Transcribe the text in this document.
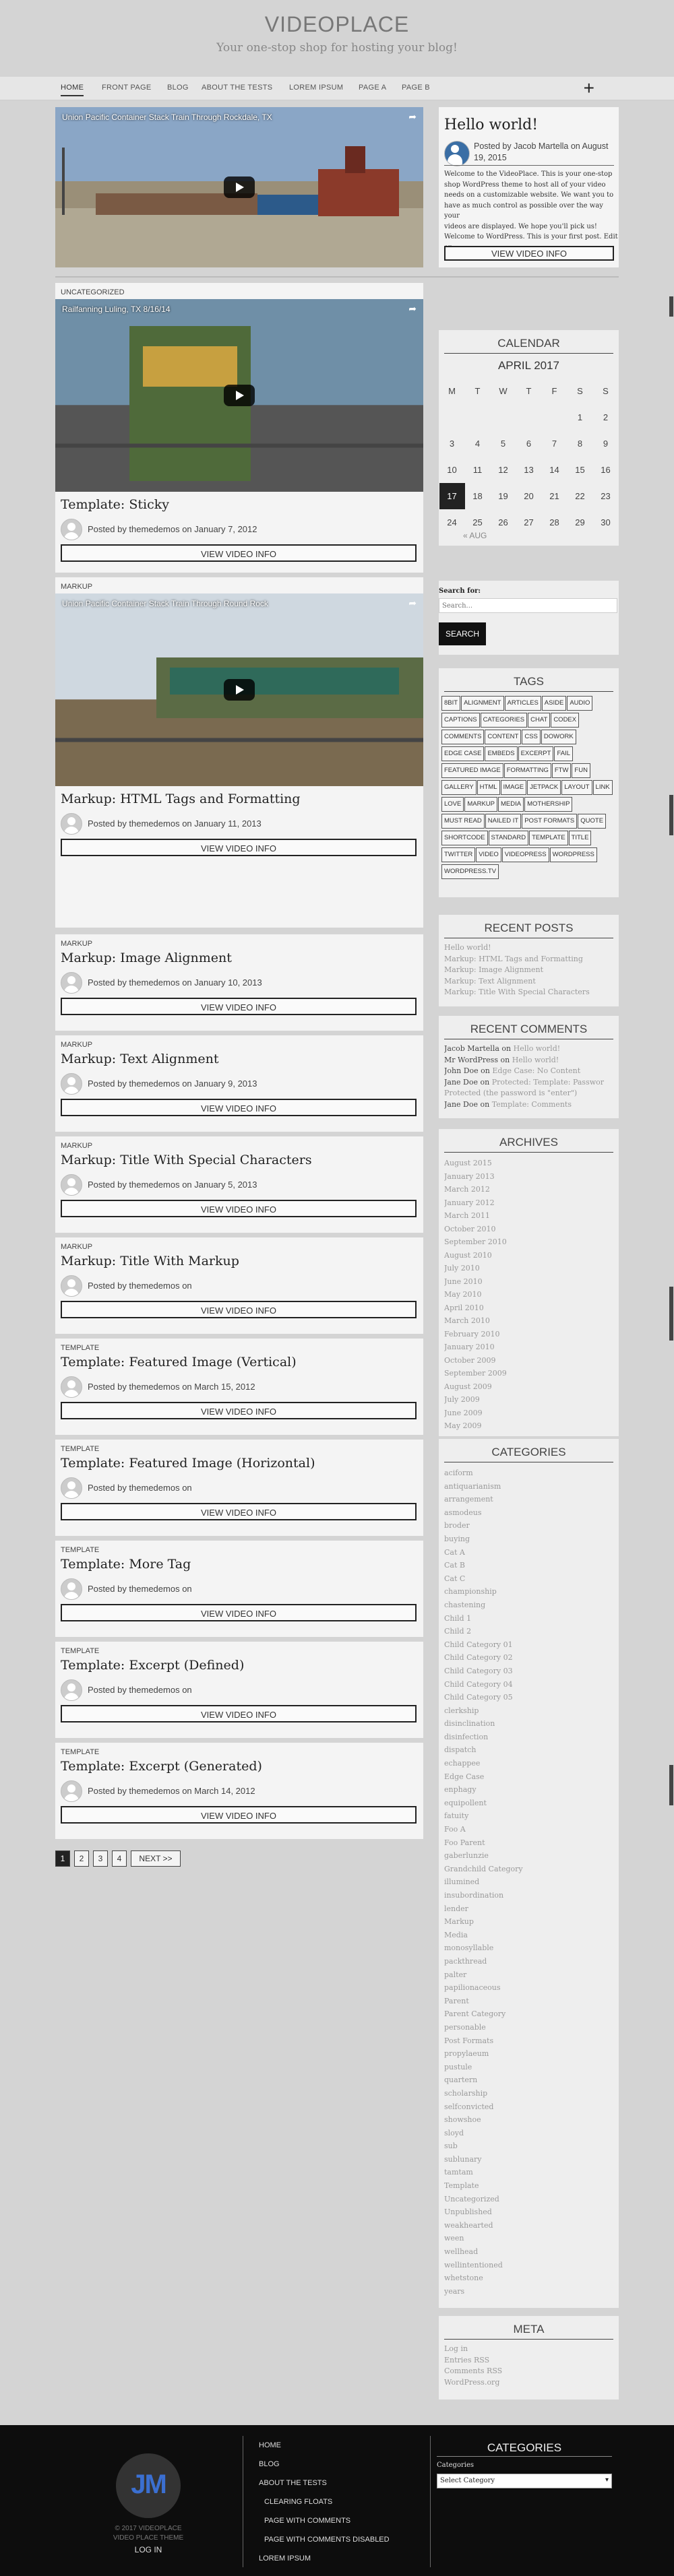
VIDEOPLACE
Your one-stop shop for hosting your blog!
HOME FRONT PAGE BLOG ABOUT THE TESTS LOREM IPSUM PAGE A PAGE B	+
Union Pacific Container Stack Train Through Rockdale, TX	➦ Hello world!
Posted by Jacob Martella on August 19, 2015
Welcome to the VideoPlace. This is your one-stop
shop WordPress theme to host all of your video
needs on a customizable website. We want you to
have as much control as possible over the way your
videos are displayed. We hope you'll pick us!
Welcome to WordPress. This is your first post. Edit
VIEW VIDEO INFO
UNCATEGORIZED
Railfanning Luling, TX 8/16/14	➦
Template: Sticky
Posted by themedemos on January 7, 2012
VIEW VIDEO INFO
MARKUP
Union Pacific Container Stack Train Through Round Rock	➦
Markup: HTML Tags and Formatting
Posted by themedemos on January 11, 2013
VIEW VIDEO INFO
MARKUP
Markup: Image Alignment
Posted by themedemos on January 10, 2013
VIEW VIDEO INFO
MARKUP
Markup: Text Alignment
Posted by themedemos on January 9, 2013
VIEW VIDEO INFO
MARKUP
Markup: Title With Special Characters
Posted by themedemos on January 5, 2013
VIEW VIDEO INFO
MARKUP
Markup: Title With Markup
Posted by themedemos on
VIEW VIDEO INFO
TEMPLATE
Template: Featured Image (Vertical)
Posted by themedemos on March 15, 2012
VIEW VIDEO INFO
TEMPLATE
Template: Featured Image (Horizontal)
Posted by themedemos on
VIEW VIDEO INFO
TEMPLATE
Template: More Tag
Posted by themedemos on
VIEW VIDEO INFO
TEMPLATE
Template: Excerpt (Defined)
Posted by themedemos on
VIEW VIDEO INFO
TEMPLATE
Template: Excerpt (Generated)
Posted by themedemos on March 14, 2012
VIEW VIDEO INFO
1	2	3	4	NEXT >>
CALENDAR
APRIL 2017
M	T	W	T	F	S	S
					1	2
3	4	5	6	7	8	9
10	11	12	13	14	15	16
17	18	19	20	21	22	23
24	25	26	27	28	29	30
« AUG
Search for:
Search...
SEARCH
TAGS
8BIT ALIGNMENT ARTICLES ASIDE AUDIOCAPTIONS CATEGORIES CHAT CODEXCOMMENTS CONTENT CSS DOWORKEDGE CASE EMBEDS EXCERPT FAILFEATURED IMAGE FORMATTING FTW FUNGALLERY HTML IMAGE JETPACK LAYOUT LINKLOVE MARKUP MEDIA MOTHERSHIPMUST READ NAILED IT POST FORMATS QUOTESHORTCODE STANDARD TEMPLATE TITLETWITTER VIDEO VIDEOPRESS WORDPRESSWORDPRESS.TV
RECENT POSTS
Hello world!
Markup: HTML Tags and Formatting
Markup: Image Alignment
Markup: Text Alignment
Markup: Title With Special Characters
RECENT COMMENTS
Jacob Martella on Hello world!
Mr WordPress on Hello world!
John Doe on Edge Case: No Content
Jane Doe on Protected: Template: Passwor
Protected (the password is "enter")
Jane Doe on Template: Comments
ARCHIVES
August 2015
January 2013
March 2012
January 2012
March 2011
October 2010
September 2010
August 2010
July 2010
June 2010
May 2010
April 2010
March 2010
February 2010
January 2010
October 2009
September 2009
August 2009
July 2009
June 2009
May 2009
CATEGORIES
aciform
antiquarianism
arrangement
asmodeus
broder
buying
Cat A
Cat B
Cat C
championship
chastening
Child 1
Child 2
Child Category 01
Child Category 02
Child Category 03
Child Category 04
Child Category 05
clerkship
disinclination
disinfection
dispatch
echappee
Edge Case
enphagy
equipollent
fatuity
Foo A
Foo Parent
gaberlunzie
Grandchild Category
illumined
insubordination
lender
Markup
Media
monosyllable
packthread
palter
papilionaceous
Parent
Parent Category
personable
Post Formats
propylaeum
pustule
quartern
scholarship
selfconvicted
showshoe
sloyd
sub
sublunary
tamtam
Template
Uncategorized
Unpublished
weakhearted
ween
wellhead
wellintentioned
whetstone
years
META
Log in
Entries RSS
Comments RSS
WordPress.org
JM
© 2017 VIDEOPLACE
VIDEO PLACE THEME
LOG IN
HOME
BLOG
ABOUT THE TESTS
CLEARING FLOATS
PAGE WITH COMMENTS
PAGE WITH COMMENTS DISABLED
LOREM IPSUM
CATEGORIES
Categories
Select Category	▾
